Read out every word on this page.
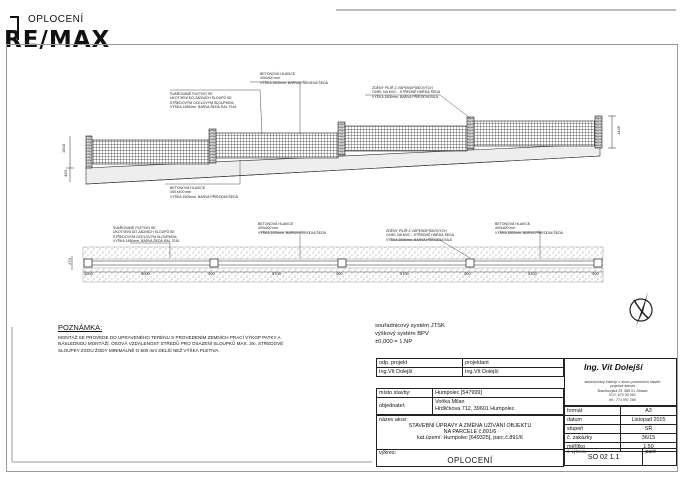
OPLOCENÍ
RE/MAX
SVAŘOVANÉ PLETIVO SE
UKOTVENÍ DO ZÁDNÍCH SLOUPŮ SE
STŘEDOVÝM OCELOVÝM SLOUPKEM,
VÝŠKA 1450mm, BARVA ŠEDÁ RAL 7016
BETONOVÁ HLAVICE
400x400 mm
VÝŠKA 1500mm, BARVA PŘÍRODNÍ ŠEDÁ
ZDĚNÝ PILÍŘ Z VÁPENOPÍSKOVÝCH
CIHEL NA MVC - STŘEDNĚ HNĚDÁ ŠEDÁ
VÝŠKA 1500mm, BARVA PŘÍRODNÍ BÍLÁ
BETONOVÁ HLAVICE
400 x400 mm
VÝŠKA 1500mm, BARVA PŘÍRODNÍ ŠEDÁ
1500
450
1445
SVAŘOVANÉ PLETIVO SE
UKOTVENÍ DO ZÁDNÍCH SLOUPŮ SE
STŘEDOVÝM OCELOVÝM SLOUPKEM,
VÝŠKA 1450mm, BARVA ŠEDÁ RAL 7016
BETONOVÁ HLAVICE
400x400 mm
VÝŠKA 1500mm, BARVA PŘÍRODNÍ ŠEDÁ	ZDĚNÝ PILÍŘ Z VÁPENOPÍSKOVÝCH
CIHEL NA MVC - STŘEDNĚ HNĚDÁ ŠEDÁ
VÝŠKA 1500mm, BARVA PŘÍRODNÍ BÍLÁ
BETONOVÁ HLAVICE
400x400 mm
VÝŠKA 1500mm, BARVA PŘÍRODNÍ ŠEDÁ
270
3000	300	5700	300	5700	300	5700	300
3000
POZNÁMKA:
MONTÁŽ SE PROVEDE DO UPRAVENÉHO TERÉNU S PROVEDENÍM ZEMNÍCH PRACÍ VÝKOP PATKY A NÁSLEDNOU MONTÁŽÍ. OSOVÁ VZDÁLENOST STŘEDŮ PRO OSAZENÍ SLOUPKŮ MAX. 3m. STŘEDOVÉ SLOUPKY ZSOU ŽODY MINIMÁLNĚ O 500 mm DELŠÍ NEŽ VÝŠKA PLETIVA.
souřadnicový systém JTSK
výškový systém BPV
±0,000 = 1.NP
Ing. Vít Dolejší
autorizovaný inženýr v oboru pozemních staveb
projekce staveb
Branišovská 29, 586 01 Jihlava
IČO: 670 00 262
tel.: 774 997 280
odp. projekt	projektant
Ing.Vít Dolejší	Ing.Vít Dolejší
místo stavby:	Humpolec [547999]
objednatel:	Voňka Milan
Hrdličkova 712, 39601 Humpolec
název akce:
STAVEBNÍ ÚPRAVY A ZMĚNA UŽÍVÁNÍ OBJEKTU
NA PARCELE č.891/6
kat.území: Humpolec [649325], parc.č.891/6

výkres:
OPLOCENÍ
formát	A3
datum	Listopad 2015
stupeň	SŘ
č. zakázky	36/15
měřítko	1:50
č. výkresu
SO 02 1.1
	paré
